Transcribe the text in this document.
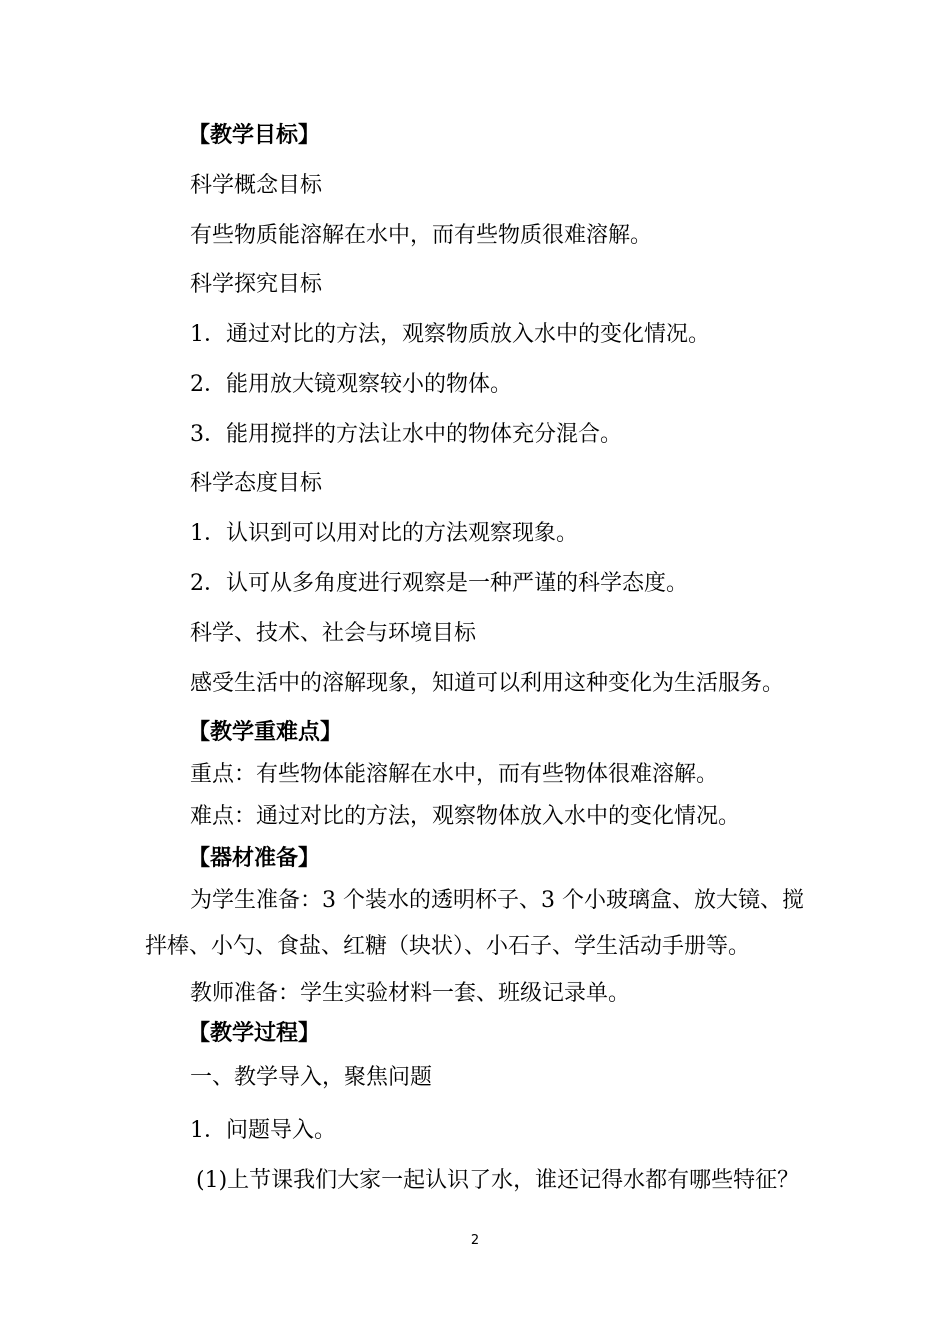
【教学目标】

科学概念目标

有些物质能溶解在水中，而有些物质很难溶解。

科学探究目标

1．通过对比的方法，观察物质放入水中的变化情况。

2．能用放大镜观察较小的物体。

3．能用搅拌的方法让水中的物体充分混合。

科学态度目标

1．认识到可以用对比的方法观察现象。

2．认可从多角度进行观察是一种严谨的科学态度。

科学、技术、社会与环境目标

感受生活中的溶解现象，知道可以利用这种变化为生活服务。

【教学重难点】

重点：有些物体能溶解在水中，而有些物体很难溶解。

难点：通过对比的方法，观察物体放入水中的变化情况。

【器材准备】

为学生准备：3 个装水的透明杯子、3 个小玻璃盒、放大镜、搅

拌棒、小勺、食盐、红糖（块状）、小石子、学生活动手册等。

教师准备：学生实验材料一套、班级记录单。

【教学过程】

一、教学导入，聚焦问题

1．问题导入。

(1)上节课我们大家一起认识了水，谁还记得水都有哪些特征？

2
